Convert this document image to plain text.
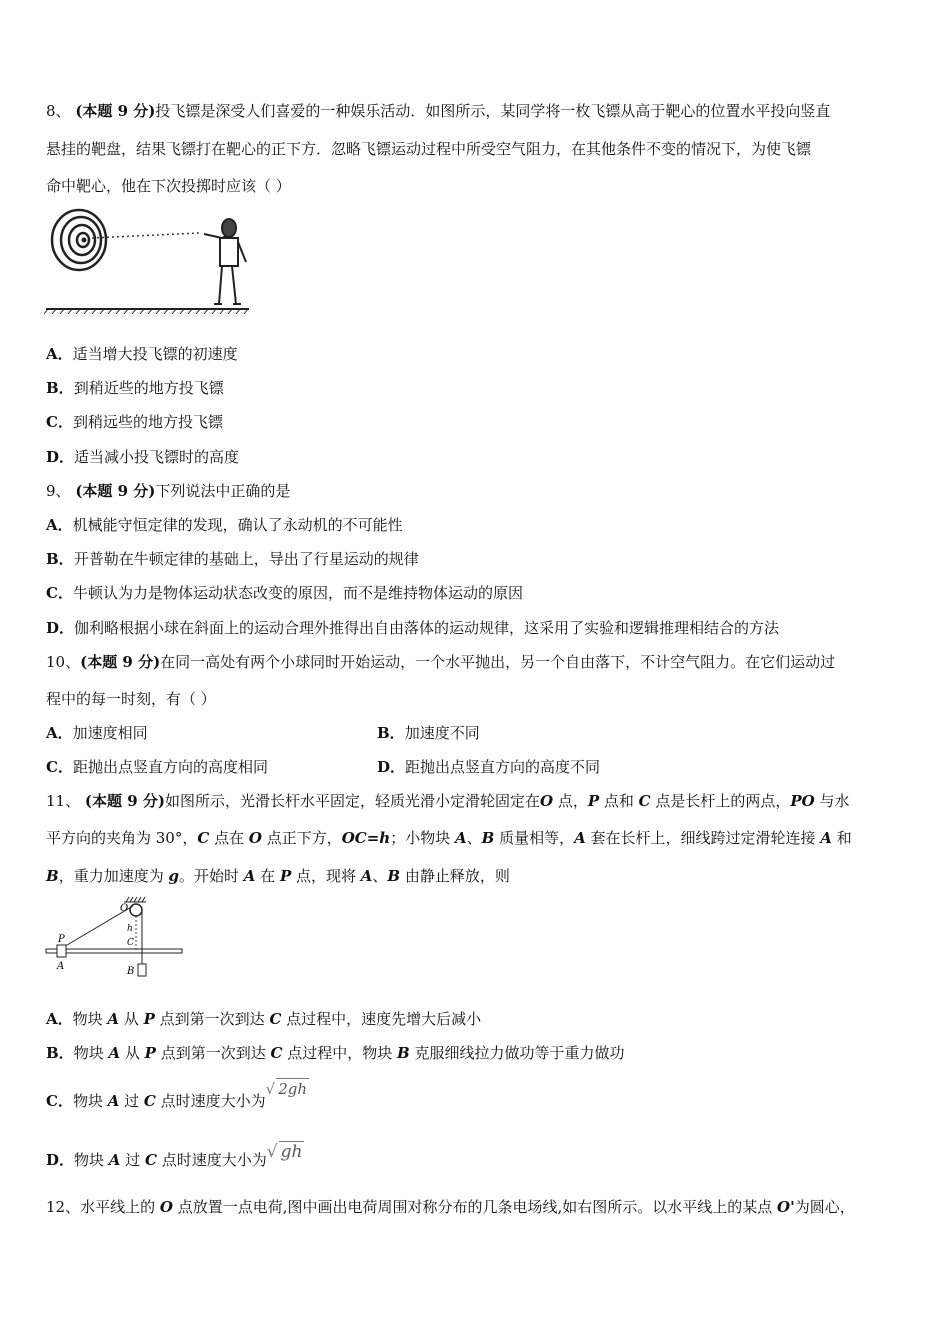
8、 (本题 9 分)投飞镖是深受人们喜爱的一种娱乐活动．如图所示，某同学将一枚飞镖从高于靶心的位置水平投向竖直
悬挂的靶盘，结果飞镖打在靶心的正下方．忽略飞镖运动过程中所受空气阻力，在其他条件不变的情况下，为使飞镖
命中靶心，他在下次投掷时应该（ ）
A．适当增大投飞镖的初速度
B．到稍近些的地方投飞镖
C．到稍远些的地方投飞镖
D．适当减小投飞镖时的高度
9、 (本题 9 分)下列说法中正确的是
A．机械能守恒定律的发现，确认了永动机的不可能性
B．开普勒在牛顿定律的基础上，导出了行星运动的规律
C．牛顿认为力是物体运动状态改变的原因，而不是维持物体运动的原因
D．伽利略根据小球在斜面上的运动合理外推得出自由落体的运动规律，这采用了实验和逻辑推理相结合的方法
10、(本题 9 分)在同一高处有两个小球同时开始运动，一个水平抛出，另一个自由落下，不计空气阻力。在它们运动过
程中的每一时刻，有（ ）
A．加速度相同	B．加速度不同
C．距抛出点竖直方向的高度相同	D．距抛出点竖直方向的高度不同
11、 (本题 9 分)如图所示，光滑长杆水平固定，轻质光滑小定滑轮固定在O 点，P 点和 C 点是长杆上的两点，PO 与水
平方向的夹角为 30°，C 点在 O 点正下方，OC=h；小物块 A、B 质量相等，A 套在长杆上，细线跨过定滑轮连接 A 和
B，重力加速度为 g。开始时 A 在 P 点，现将 A、B 由静止释放，则
O
P
h
C
A	B
A．物块 A 从 P 点到第一次到达 C 点过程中，速度先增大后减小
B．物块 A 从 P 点到第一次到达 C 点过程中，物块 B 克服细线拉力做功等于重力做功
C．物块 A 过 C 点时速度大小为√ 2gh
D．物块 A 过 C 点时速度大小为√ gh
12、水平线上的 O 点放置一点电荷,图中画出电荷周围对称分布的几条电场线,如右图所示。以水平线上的某点 O'为圆心，
